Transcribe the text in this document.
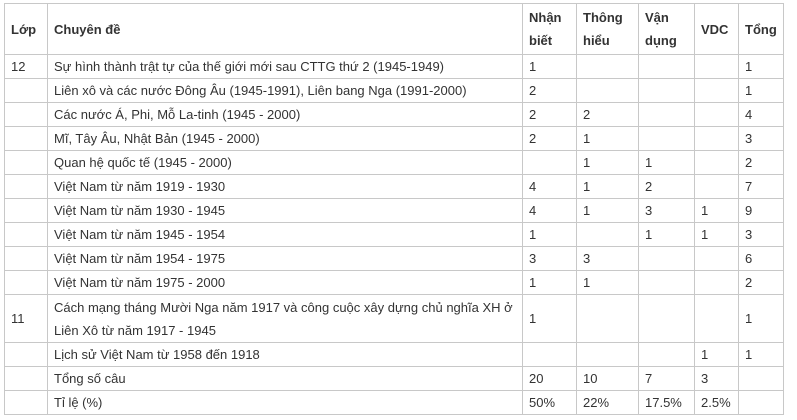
Lớp	Chuyên đề	Nhận biết	Thông hiểu	Vận dụng	VDC	Tổng
12	Sự hình thành trật tự của thế giới mới sau CTTG thứ 2 (1945-1949)	1				1
	Liên xô và các nước Đông Âu (1945-1991), Liên bang Nga (1991-2000)	2				1
	Các nước Á, Phi, Mỗ La-tinh (1945 - 2000)	2	2			4
	Mĩ, Tây Âu, Nhật Bản (1945 - 2000)	2	1			3
	Quan hệ quốc tế (1945 - 2000)		1	1		2
	Việt Nam từ năm 1919 - 1930	4	1	2		7
	Việt Nam từ năm 1930 - 1945	4	1	3	1	9
	Việt Nam từ năm 1945 - 1954	1		1	1	3
	Việt Nam từ năm 1954 - 1975	3	3			6
	Việt Nam từ năm 1975 - 2000	1	1			2
11	Cách mạng tháng Mười Nga năm 1917 và công cuộc xây dựng chủ nghĩa XH ở Liên Xô từ năm 1917 - 1945	1				1
	Lịch sử Việt Nam từ 1958 đến 1918				1	1
	Tổng số câu	20	10	7	3	
	Tỉ lệ (%)	50%	22%	17.5%	2.5%	
